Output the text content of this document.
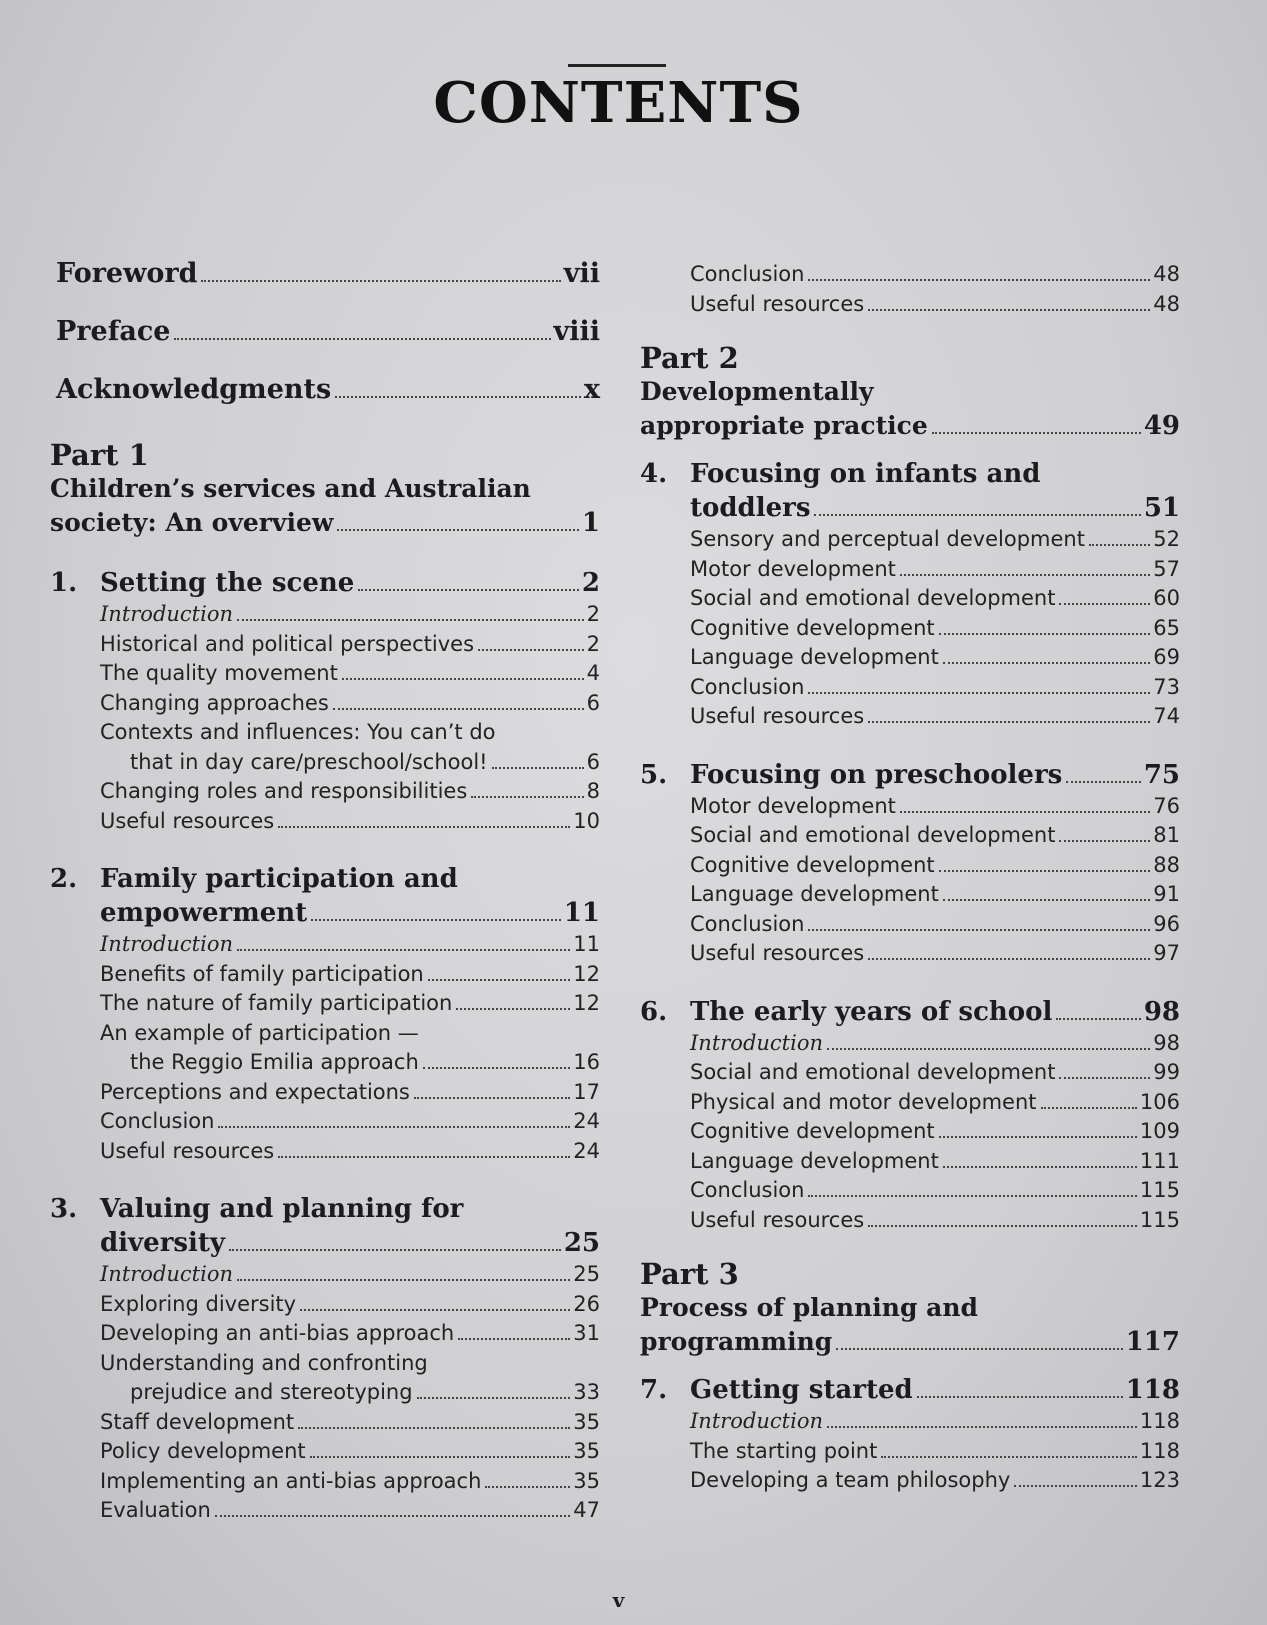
CONTENTS
Foreword	vii
Preface	viii
Acknowledgments	x
Part 1
Children’s services and Australian
society: An overview	1
1. Setting the scene	2
Introduction	2
Historical and political perspectives	2
The quality movement	4
Changing approaches	6
Contexts and influences: You can’t do
that in day care/preschool/school!	6
Changing roles and responsibilities	8
Useful resources	10
2. Family participation and
empowerment	11
Introduction	11
Benefits of family participation	12
The nature of family participation	12
An example of participation —
the Reggio Emilia approach	16
Perceptions and expectations	17
Conclusion	24
Useful resources	24
3. Valuing and planning for
diversity	25
Introduction	25
Exploring diversity	26
Developing an anti-bias approach	31
Understanding and confronting
prejudice and stereotyping	33
Staff development	35
Policy development	35
Implementing an anti-bias approach	35
Evaluation	47
Conclusion	48
Useful resources	48
Part 2
Developmentally
appropriate practice	49
4. Focusing on infants and
toddlers	51
Sensory and perceptual development	52
Motor development	57
Social and emotional development	60
Cognitive development	65
Language development	69
Conclusion	73
Useful resources	74
5. Focusing on preschoolers	75
Motor development	76
Social and emotional development	81
Cognitive development	88
Language development	91
Conclusion	96
Useful resources	97
6. The early years of school	98
Introduction	98
Social and emotional development	99
Physical and motor development	106
Cognitive development	109
Language development	111
Conclusion	115
Useful resources	115
Part 3
Process of planning and
programming	117
7. Getting started	118
Introduction	118
The starting point	118
Developing a team philosophy	123
v
